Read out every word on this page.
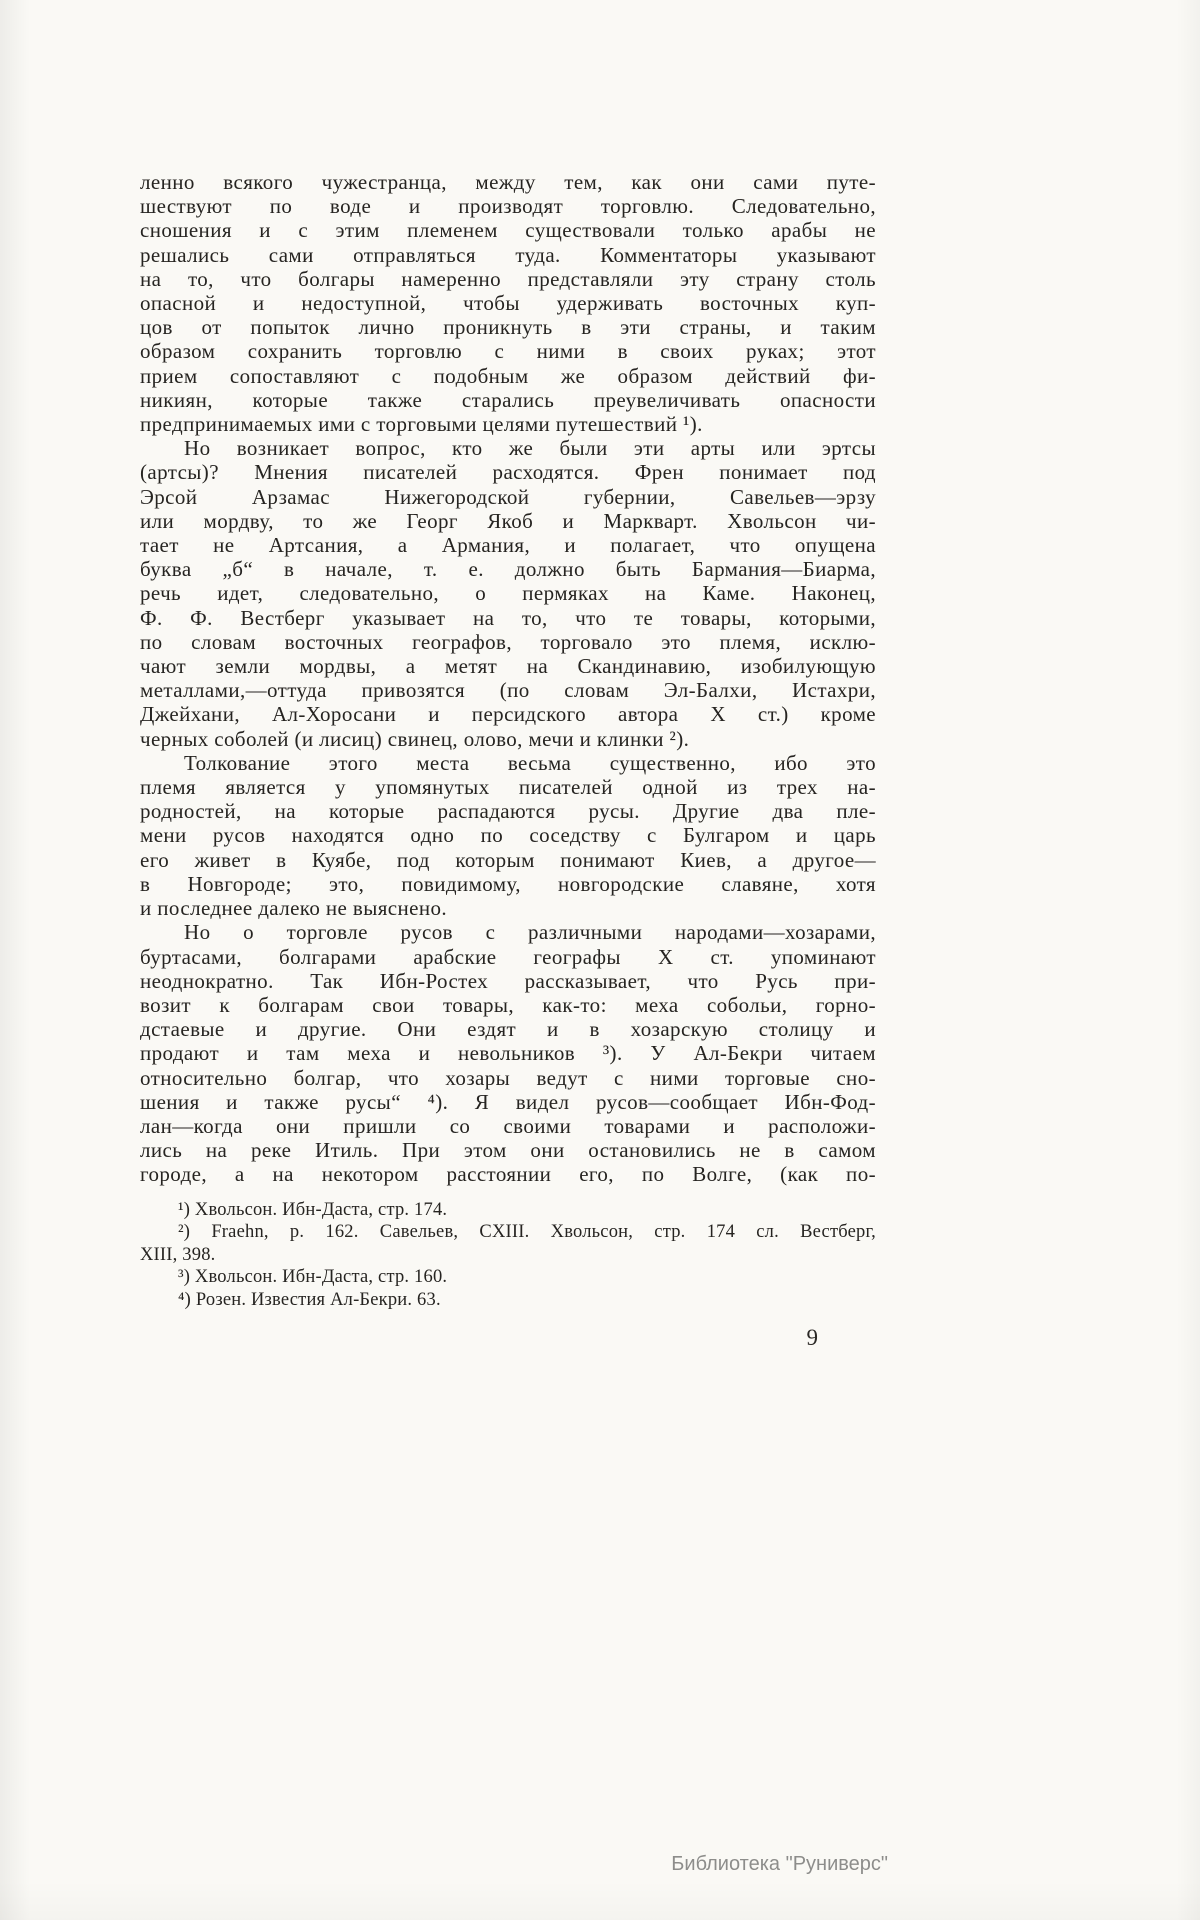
ленно всякого чужестранца, между тем, как они сами путе-
шествуют по воде и производят торговлю. Следовательно,
сношения и с этим племенем существовали только арабы не
решались сами отправляться туда. Комментаторы указывают
на то, что болгары намеренно представляли эту страну столь
опасной и недоступной, чтобы удерживать восточных куп-
цов от попыток лично проникнуть в эти страны, и таким
образом сохранить торговлю с ними в своих руках; этот
прием сопоставляют с подобным же образом действий фи-
никиян, которые также старались преувеличивать опасности
предпринимаемых ими с торговыми целями путешествий ¹).
Но возникает вопрос, кто же были эти арты или эртсы
(артсы)? Мнения писателей расходятся. Френ понимает под
Эрсой Арзамас Нижегородской губернии, Савельев—эрзу
или мордву, то же Георг Якоб и Маркварт. Хвольсон чи-
тает не Артсания, а Армания, и полагает, что опущена
буква „б“ в начале, т. е. должно быть Бармания—Биарма,
речь идет, следовательно, о пермяках на Каме. Наконец,
Ф. Ф. Вестберг указывает на то, что те товары, которыми,
по словам восточных географов, торговало это племя, исклю-
чают земли мордвы, а метят на Скандинавию, изобилующую
металлами,—оттуда привозятся (по словам Эл-Балхи, Истахри,
Джейхани, Ал-Хоросани и персидского автора X ст.) кроме
черных соболей (и лисиц) свинец, олово, мечи и клинки ²).
Толкование этого места весьма существенно, ибо это
племя является у упомянутых писателей одной из трех на-
родностей, на которые распадаются русы. Другие два пле-
мени русов находятся одно по соседству с Булгаром и царь
его живет в Куябе, под которым понимают Киев, а другое—
в Новгороде; это, повидимому, новгородские славяне, хотя
и последнее далеко не выяснено.
Но о торговле русов с различными народами—хозарами,
буртасами, болгарами арабские географы X ст. упоминают
неоднократно. Так Ибн-Ростех рассказывает, что Русь при-
возит к болгарам свои товары, как-то: меха собольи, горно-
дстаевые и другие. Они ездят и в хозарскую столицу и
продают и там меха и невольников ³). У Ал-Бекри читаем
относительно болгар, что хозары ведут с ними торговые сно-
шения и также русы“ ⁴). Я видел русов—сообщает Ибн-Фод-
лан—когда они пришли со своими товарами и расположи-
лись на реке Итиль. При этом они остановились не в самом
городе, а на некотором расстоянии его, по Волге, (как по-
¹) Хвольсон. Ибн-Даста, стр. 174.
²) Fraehn, p. 162. Савельев, CXIII. Хвольсон, стр. 174 сл. Вестберг,
XIII, 398.
³) Хвольсон. Ибн-Даста, стр. 160.
⁴) Розен. Известия Ал-Бекри. 63.
9
Библиотека "Руниверс"
